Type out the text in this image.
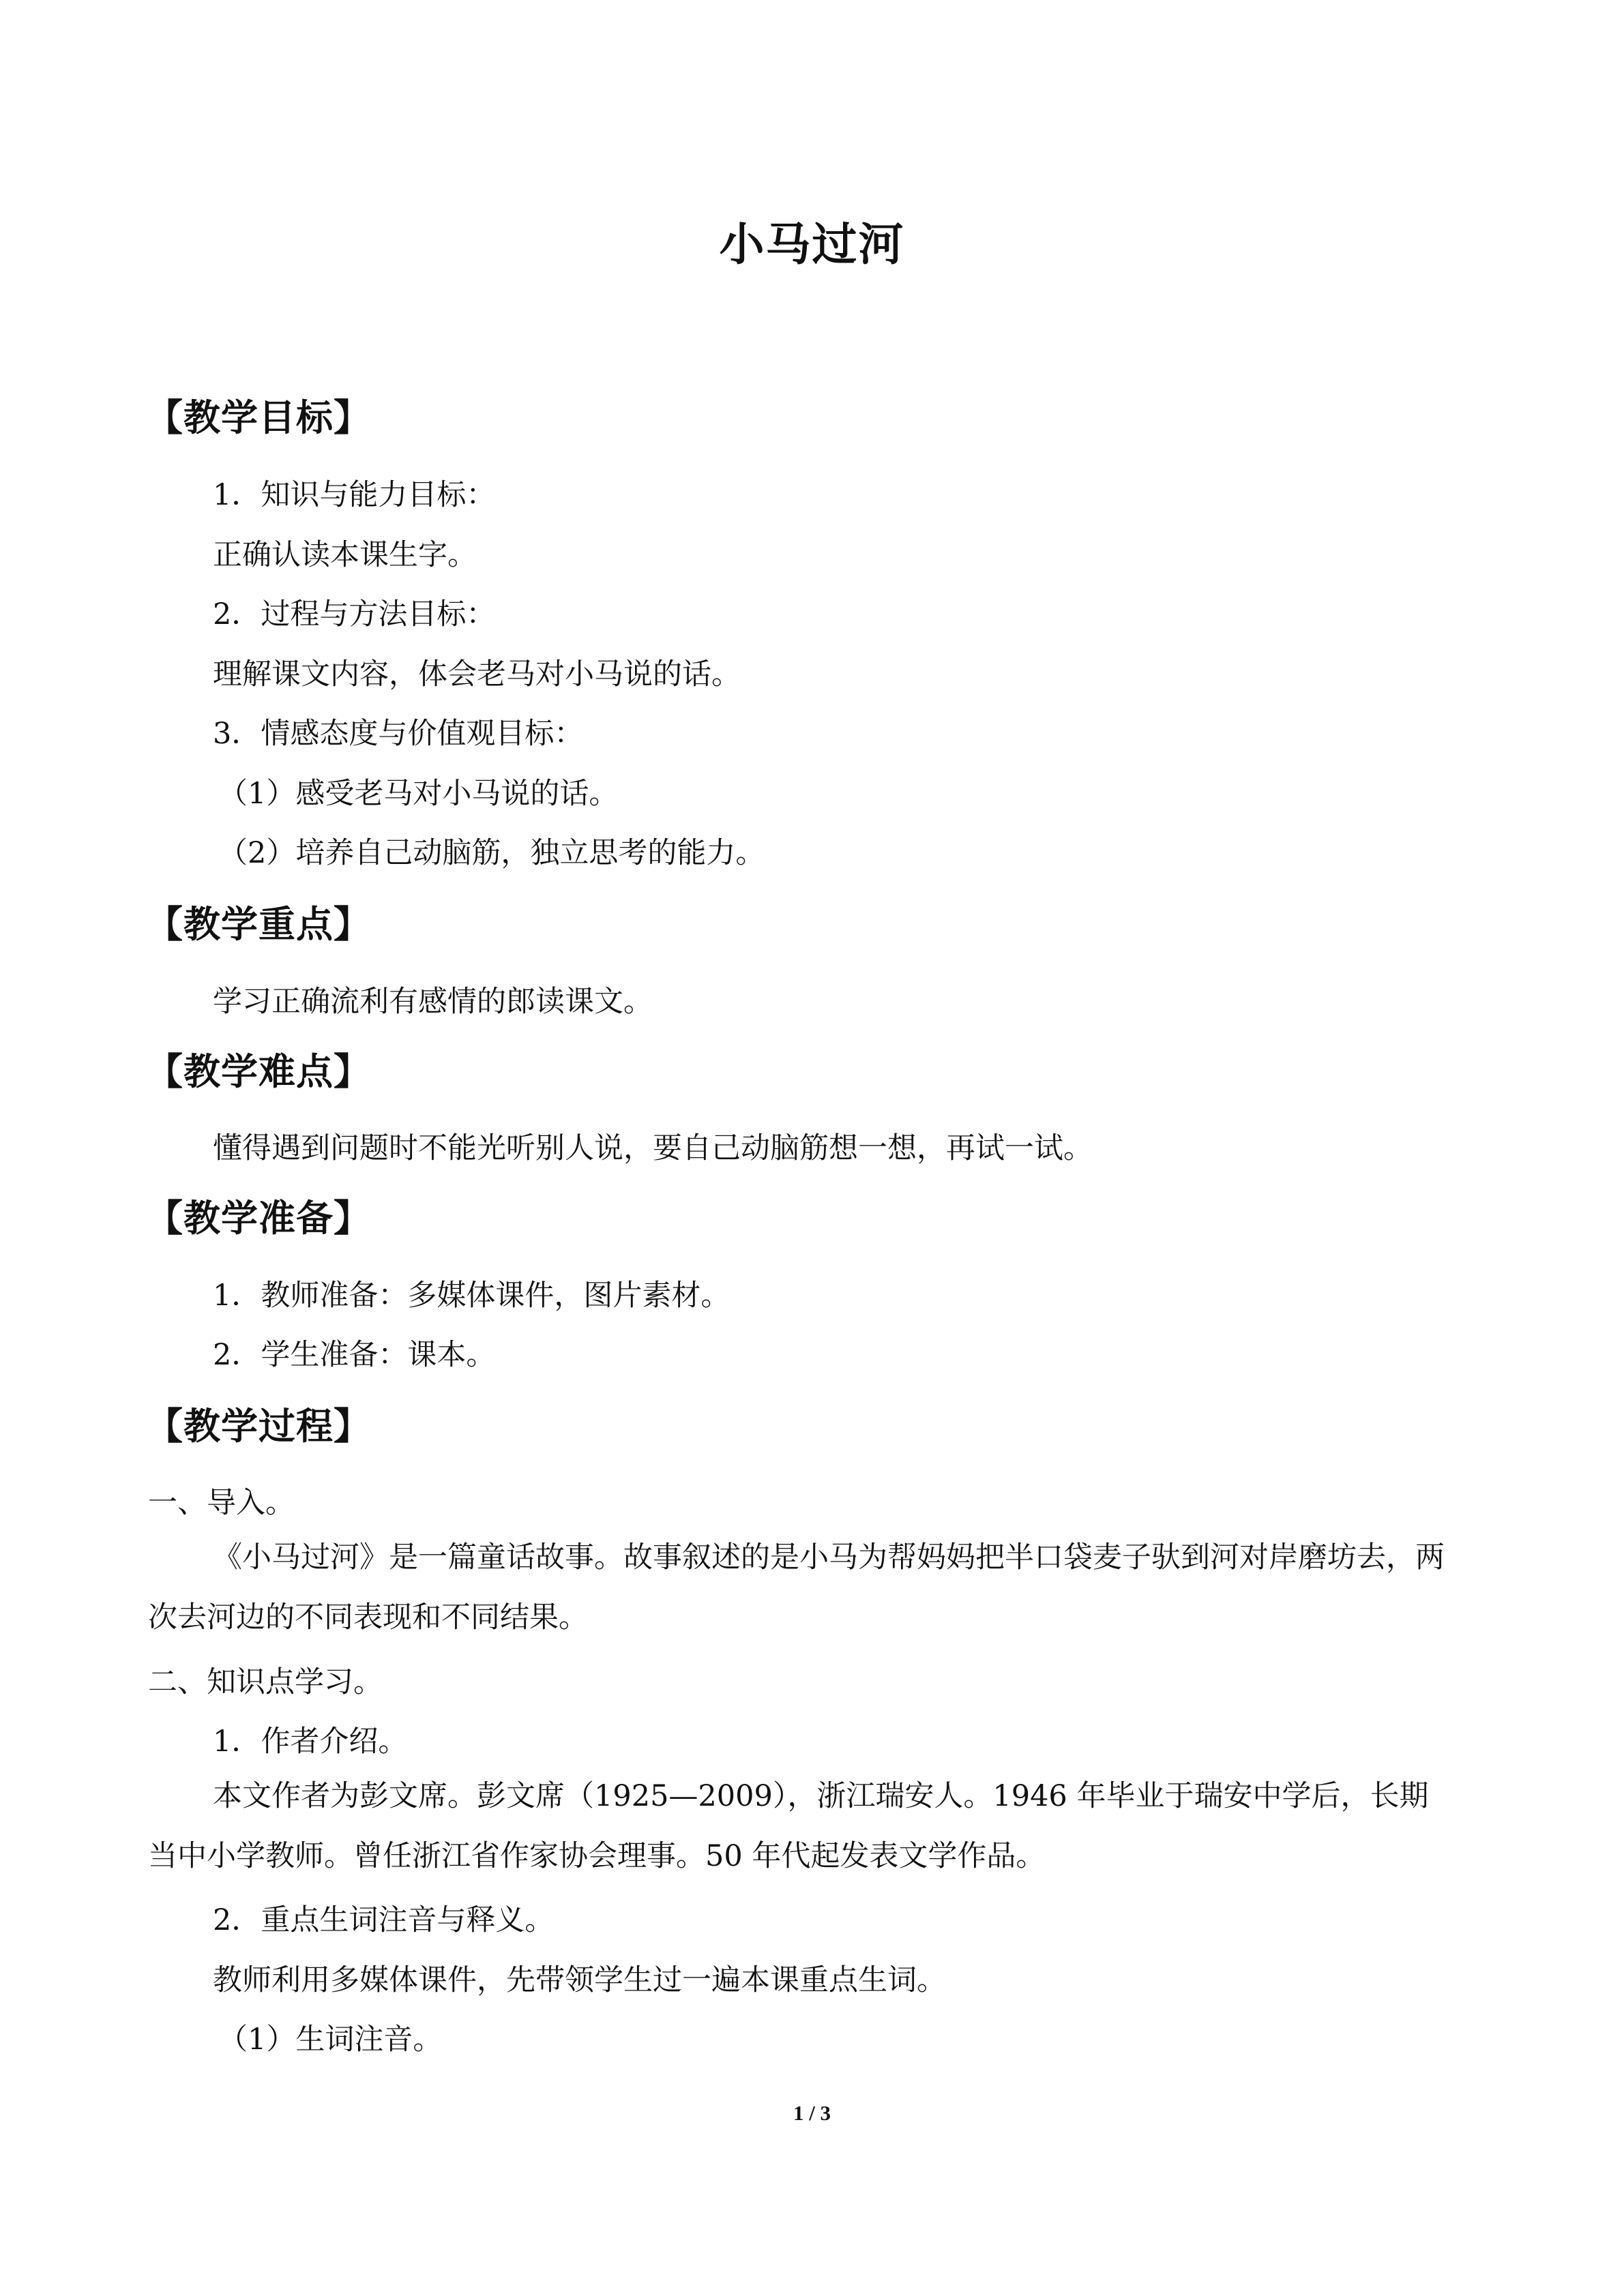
小马过河
【教学目标】
1．知识与能力目标：
正确认读本课生字。
2．过程与方法目标：
理解课文内容，体会老马对小马说的话。
3．情感态度与价值观目标：
（1）感受老马对小马说的话。
（2）培养自己动脑筋，独立思考的能力。
【教学重点】
学习正确流利有感情的郎读课文。
【教学难点】
懂得遇到问题时不能光听别人说，要自己动脑筋想一想，再试一试。
【教学准备】
1．教师准备：多媒体课件，图片素材。
2．学生准备：课本。
【教学过程】
一、导入。
《小马过河》是一篇童话故事。故事叙述的是小马为帮妈妈把半口袋麦子驮到河对岸磨坊去，两次去河边的不同表现和不同结果。
二、知识点学习。
1．作者介绍。
本文作者为彭文席。彭文席（1925—2009），浙江瑞安人。1946 年毕业于瑞安中学后，长期当中小学教师。曾任浙江省作家协会理事。50 年代起发表文学作品。
2．重点生词注音与释义。
教师利用多媒体课件，先带领学生过一遍本课重点生词。
（1）生词注音。
1 / 3
